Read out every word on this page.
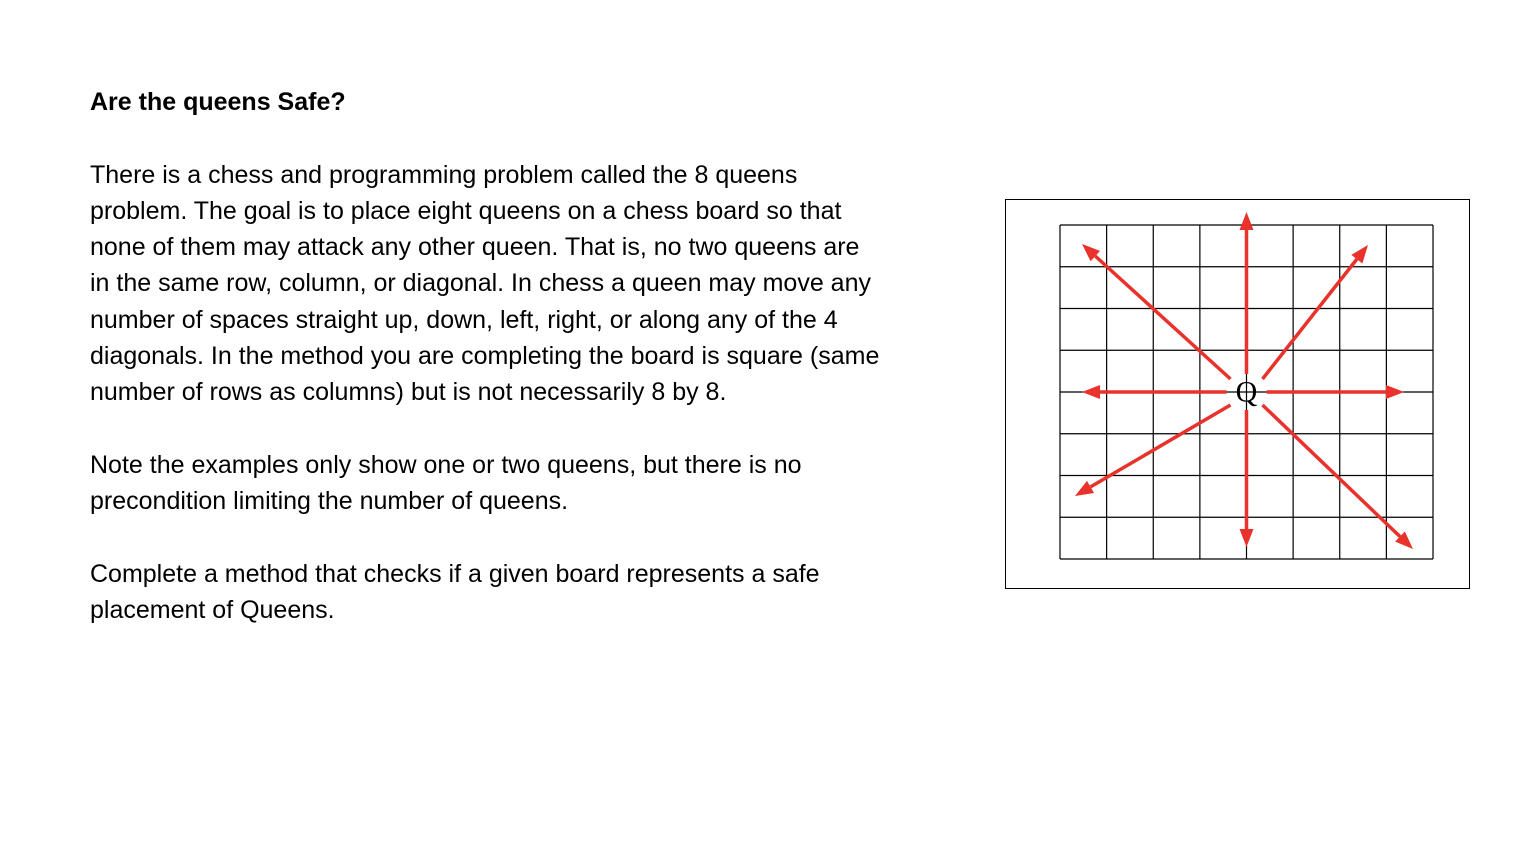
Are the queens Safe?

There is a chess and programming problem called the 8 queens problem. The goal is to place eight queens on a chess board so that none of them may attack any other queen. That is, no two queens are in the same row, column, or diagonal. In chess a queen may move any number of spaces straight up, down, left, right, or along any of the 4 diagonals. In the method you are completing the board is square (same number of rows as columns) but is not necessarily 8 by 8.

Note the examples only show one or two queens, but there is no precondition limiting the number of queens.

Complete a method that checks if a given board represents a safe placement of Queens.

Q
